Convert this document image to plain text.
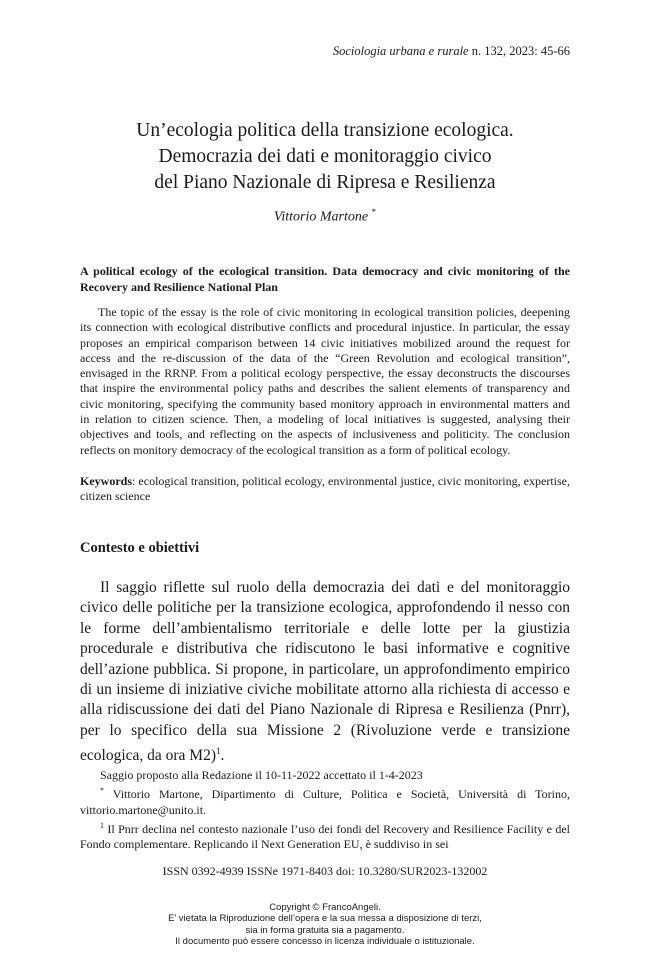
Sociologia urbana e rurale n. 132, 2023: 45-66
Un’ecologia politica della transizione ecologica.
Democrazia dei dati e monitoraggio civico
del Piano Nazionale di Ripresa e Resilienza
Vittorio Martone *
A political ecology of the ecological transition. Data democracy and civic monitoring of the Recovery and Resilience National Plan

The topic of the essay is the role of civic monitoring in ecological transition policies, deepening its connection with ecological distributive conflicts and procedural injustice. In particular, the essay proposes an empirical comparison between 14 civic initiatives mobilized around the request for access and the re-discussion of the data of the “Green Revolution and ecological transition”, envisaged in the RRNP. From a political ecology perspective, the essay deconstructs the discourses that inspire the environmental policy paths and describes the salient elements of transparency and civic monitoring, specifying the community based monitory approach in environmental matters and in relation to citizen science. Then, a modeling of local initiatives is suggested, analysing their objectives and tools, and reflecting on the aspects of inclusiveness and politicity. The conclusion reflects on monitory democracy of the ecological transition as a form of political ecology.

Keywords: ecological transition, political ecology, environmental justice, civic monitoring, expertise, citizen science

Contesto e obiettivi

Il saggio riflette sul ruolo della democrazia dei dati e del monitoraggio civico delle politiche per la transizione ecologica, approfondendo il nesso con le forme dell’ambientalismo territoriale e delle lotte per la giustizia procedurale e distributiva che ridiscutono le basi informative e cognitive dell’azione pubblica. Si propone, in particolare, un approfondimento empirico di un insieme di iniziative civiche mobilitate attorno alla richiesta di accesso e alla ridiscussione dei dati del Piano Nazionale di Ripresa e Resilienza (Pnrr), per lo specifico della sua Missione 2 (Rivoluzione verde e transizione ecologica, da ora M2)$^1$.

Saggio proposto alla Redazione il 10-11-2022 accettato il 1-4-2023

* Vittorio Martone, Dipartimento di Culture, Politica e Società, Università di Torino, vittorio.martone@unito.it.

$^1$ Il Pnrr declina nel contesto nazionale l’uso dei fondi del Recovery and Resilience Facility e del Fondo complementare. Replicando il Next Generation EU, è suddiviso in sei

ISSN 0392-4939 ISSNe 1971-8403 doi: 10.3280/SUR2023-132002
Copyright © FrancoAngeli.
E’ vietata la Riproduzione dell’opera e la sua messa a disposizione di terzi,
sia in forma gratuita sia a pagamento.
Il documento può essere concesso in licenza individuale o istituzionale.
